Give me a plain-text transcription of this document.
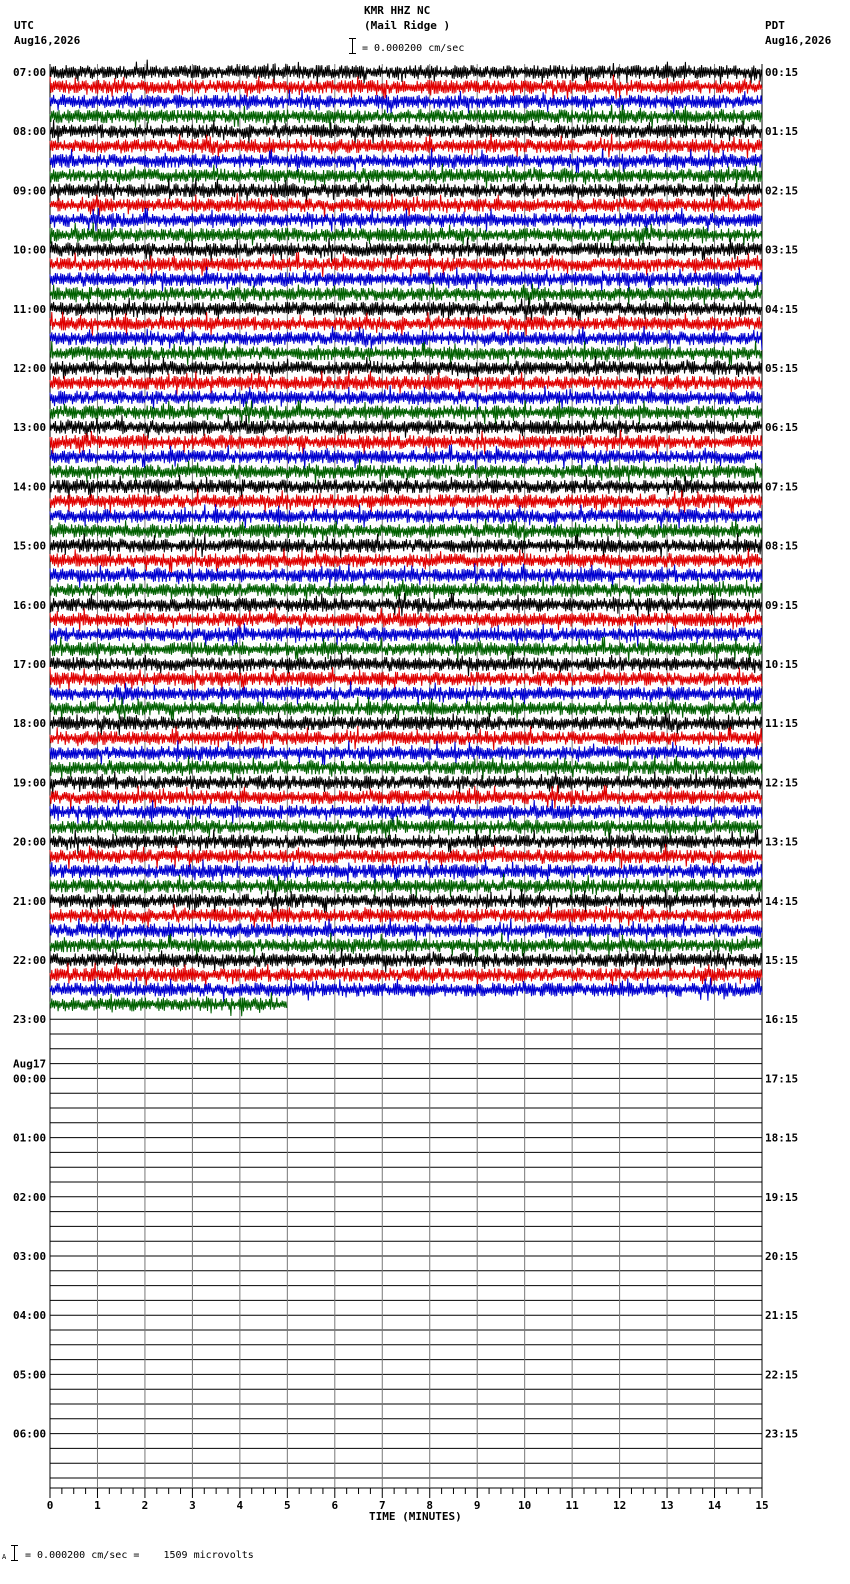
KMR HHZ NC
(Mail Ridge )
UTC
Aug16,2026
PDT
Aug16,2026
= 0.000200 cm/sec
0	1	2	3	4	5	6	7	8	9	10	11	12	13	14	15
07:00
08:00
09:00
10:00
11:00
12:00
13:00
14:00
15:00
16:00
17:00
18:00
19:00
20:00
21:00
22:00
23:00
00:00
Aug17
01:00
02:00
03:00
04:00
05:00
06:00
00:15
01:15
02:15
03:15
04:15
05:15
06:15
07:15
08:15
09:15
10:15
11:15
12:15
13:15
14:15
15:15
16:15
17:15
18:15
19:15
20:15
21:15
22:15
23:15
TIME (MINUTES)
A = 0.000200 cm/sec =    1509 microvolts
